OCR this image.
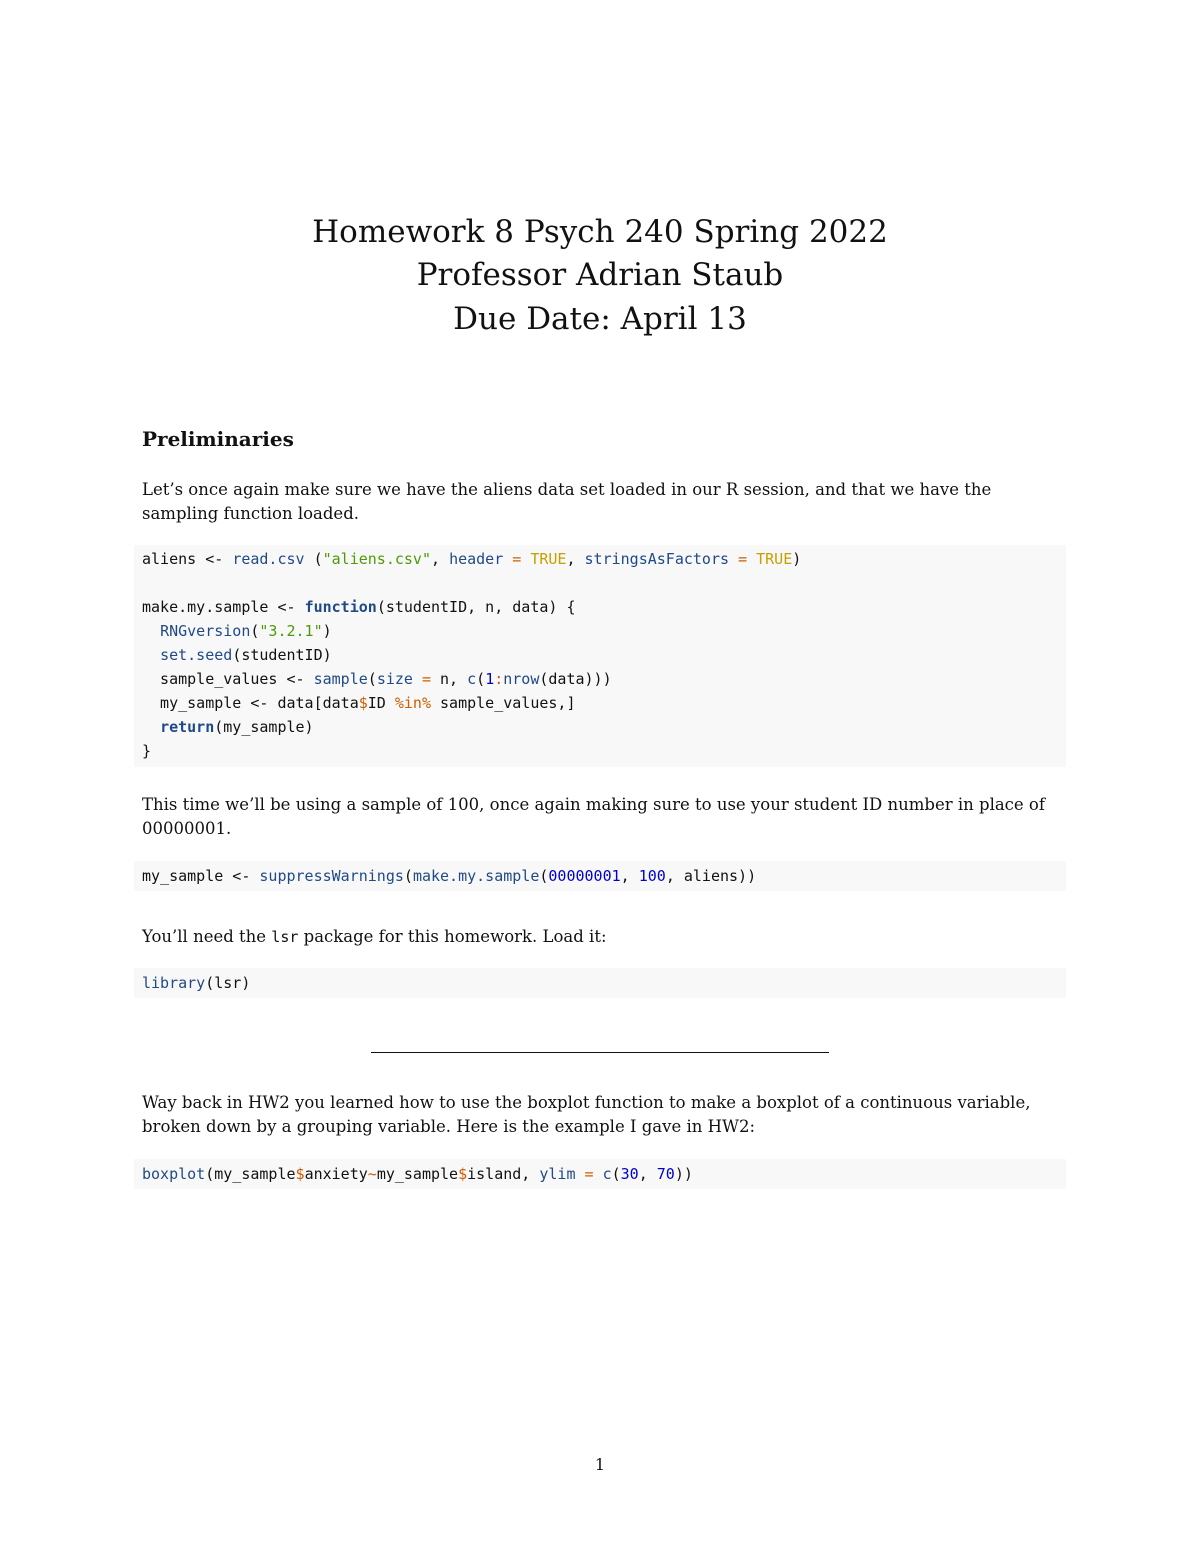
Homework 8 Psych 240 Spring 2022
Professor Adrian Staub
Due Date: April 13
Preliminaries

Let’s once again make sure we have the aliens data set loaded in our R session, and that we have the sampling function loaded.

aliens <- read.csv ("aliens.csv", header = TRUE, stringsAsFactors = TRUE)

make.my.sample <- function(studentID, n, data) {
RNGversion("3.2.1")
set.seed(studentID)
sample_values <- sample(size = n, c(1:nrow(data)))
my_sample <- data[data$ID %in% sample_values,]
return(my_sample)
}

This time we’ll be using a sample of 100, once again making sure to use your student ID number in place of 00000001.

my_sample <- suppressWarnings(make.my.sample(00000001, 100, aliens))

You’ll need the lsr package for this homework. Load it:

library(lsr)

Way back in HW2 you learned how to use the boxplot function to make a boxplot of a continuous variable, broken down by a grouping variable. Here is the example I gave in HW2:

boxplot(my_sample$anxiety~my_sample$island, ylim = c(30, 70))
1
